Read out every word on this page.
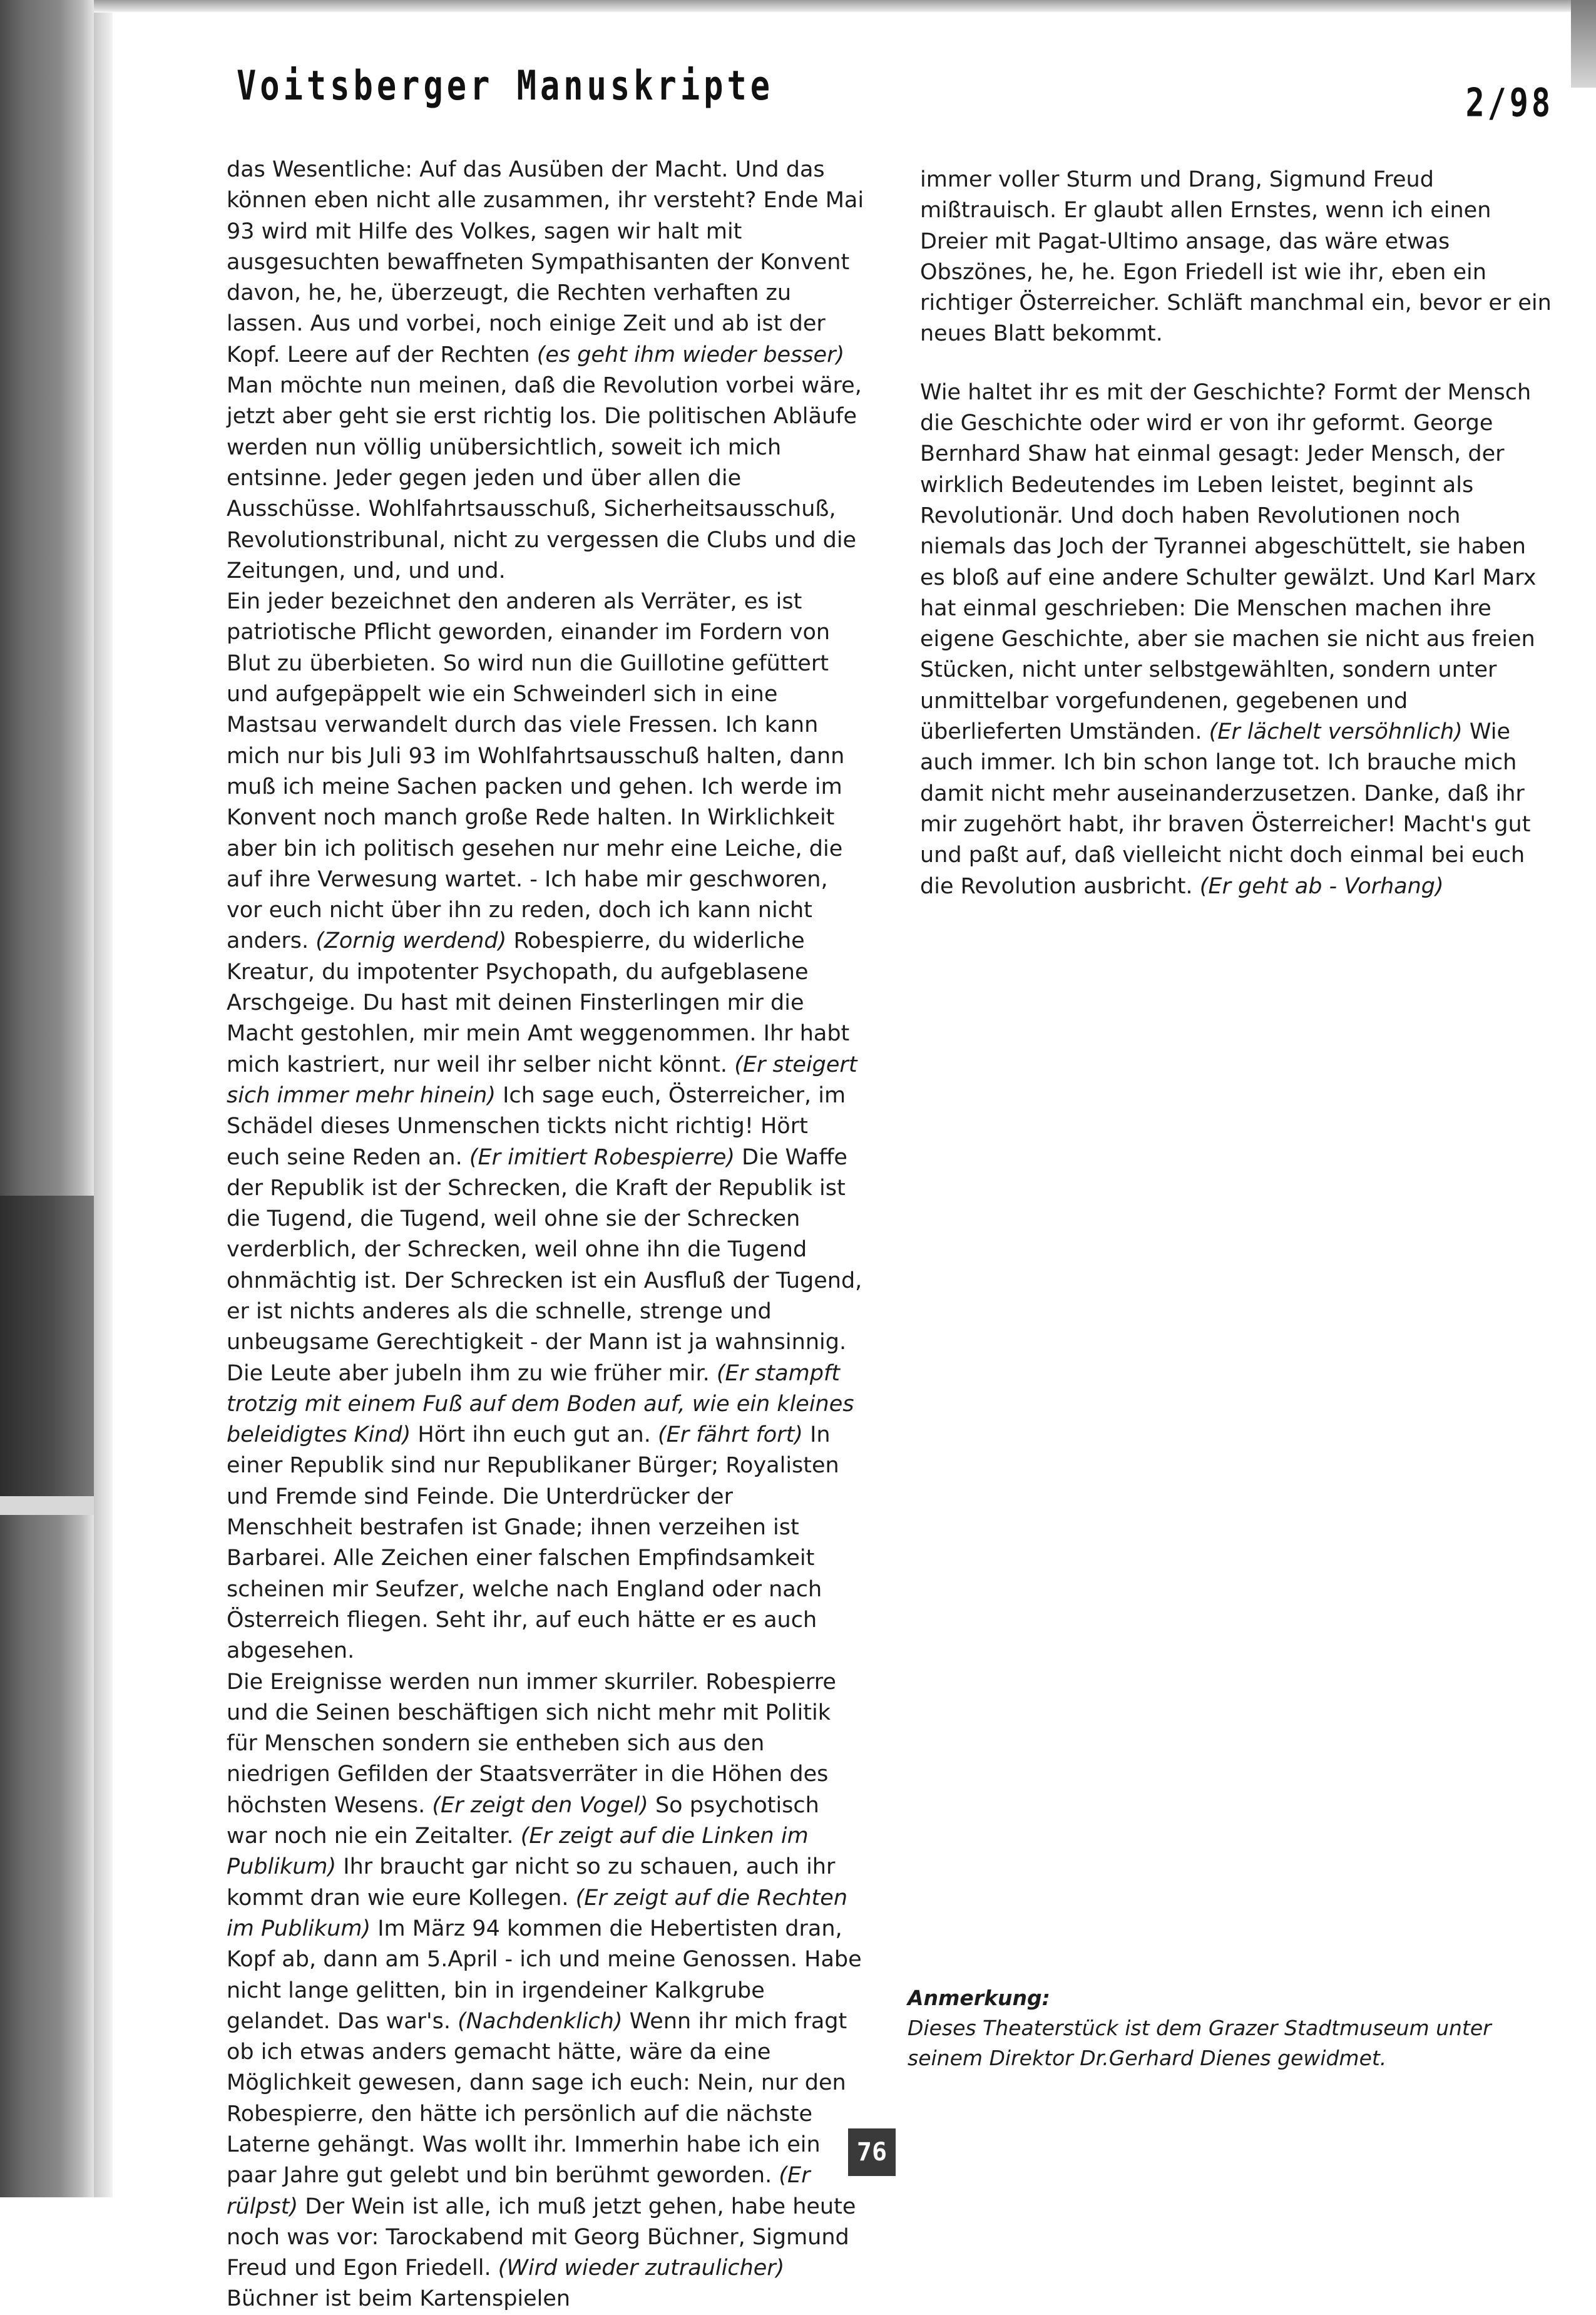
Voitsberger Manuskripte	2/98

das Wesentliche: Auf das Ausüben der Macht. Und das können eben nicht alle zusammen, ihr versteht? Ende Mai 93 wird mit Hilfe des Volkes, sagen wir halt mit ausgesuchten bewaffneten Sympathisanten der Konvent davon, he, he, überzeugt, die Rechten verhaften zu lassen. Aus und vorbei, noch einige Zeit und ab ist der Kopf. Leere auf der Rechten (es geht ihm wieder besser) Man möchte nun meinen, daß die Revolution vorbei wäre, jetzt aber geht sie erst richtig los. Die politischen Abläufe werden nun völlig unübersichtlich, soweit ich mich entsinne. Jeder gegen jeden und über allen die Ausschüsse. Wohlfahrtsausschuß, Sicherheitsausschuß, Revolutionstribunal, nicht zu vergessen die Clubs und die Zeitungen, und, und und.

Ein jeder bezeichnet den anderen als Verräter, es ist patriotische Pflicht geworden, einander im Fordern von Blut zu überbieten. So wird nun die Guillotine gefüttert und aufgepäppelt wie ein Schweinderl sich in eine Mastsau verwandelt durch das viele Fressen. Ich kann mich nur bis Juli 93 im Wohlfahrtsausschuß halten, dann muß ich meine Sachen packen und gehen. Ich werde im Konvent noch manch große Rede halten. In Wirklichkeit aber bin ich politisch gesehen nur mehr eine Leiche, die auf ihre Verwesung wartet. - Ich habe mir geschworen, vor euch nicht über ihn zu reden, doch ich kann nicht anders. (Zornig werdend) Robespierre, du widerliche Kreatur, du impotenter Psychopath, du aufgeblasene Arschgeige. Du hast mit deinen Finsterlingen mir die Macht gestohlen, mir mein Amt weggenommen. Ihr habt mich kastriert, nur weil ihr selber nicht könnt. (Er steigert sich immer mehr hinein) Ich sage euch, Österreicher, im Schädel dieses Unmenschen tickts nicht richtig! Hört euch seine Reden an. (Er imitiert Robespierre) Die Waffe der Republik ist der Schrecken, die Kraft der Republik ist die Tugend, die Tugend, weil ohne sie der Schrecken verderblich, der Schrecken, weil ohne ihn die Tugend ohnmächtig ist. Der Schrecken ist ein Ausfluß der Tugend, er ist nichts anderes als die schnelle, strenge und unbeugsame Gerechtigkeit - der Mann ist ja wahnsinnig. Die Leute aber jubeln ihm zu wie früher mir. (Er stampft trotzig mit einem Fuß auf dem Boden auf, wie ein kleines beleidigtes Kind) Hört ihn euch gut an. (Er fährt fort) In einer Republik sind nur Republikaner Bürger; Royalisten und Fremde sind Feinde. Die Unterdrücker der Menschheit bestrafen ist Gnade; ihnen verzeihen ist Barbarei. Alle Zeichen einer falschen Empfindsamkeit scheinen mir Seufzer, welche nach England oder nach Österreich fliegen. Seht ihr, auf euch hätte er es auch abgesehen.

Die Ereignisse werden nun immer skurriler. Robespierre und die Seinen beschäftigen sich nicht mehr mit Politik für Menschen sondern sie entheben sich aus den niedrigen Gefilden der Staatsverräter in die Höhen des höchsten Wesens. (Er zeigt den Vogel) So psychotisch war noch nie ein Zeitalter. (Er zeigt auf die Linken im Publikum) Ihr braucht gar nicht so zu schauen, auch ihr kommt dran wie eure Kollegen. (Er zeigt auf die Rechten im Publikum) Im März 94 kommen die Hebertisten dran, Kopf ab, dann am 5.April - ich und meine Genossen. Habe nicht lange gelitten, bin in irgendeiner Kalkgrube gelandet. Das war's. (Nachdenklich) Wenn ihr mich fragt ob ich etwas anders gemacht hätte, wäre da eine Möglichkeit gewesen, dann sage ich euch: Nein, nur den Robespierre, den hätte ich persönlich auf die nächste Laterne gehängt. Was wollt ihr. Immerhin habe ich ein paar Jahre gut gelebt und bin berühmt geworden. (Er rülpst) Der Wein ist alle, ich muß jetzt gehen, habe heute noch was vor: Tarockabend mit Georg Büchner, Sigmund Freud und Egon Friedell. (Wird wieder zutraulicher) Büchner ist beim Kartenspielen

immer voller Sturm und Drang, Sigmund Freud mißtrauisch. Er glaubt allen Ernstes, wenn ich einen Dreier mit Pagat-Ultimo ansage, das wäre etwas Obszönes, he, he. Egon Friedell ist wie ihr, eben ein richtiger Österreicher. Schläft manchmal ein, bevor er ein neues Blatt bekommt.

Wie haltet ihr es mit der Geschichte? Formt der Mensch die Geschichte oder wird er von ihr geformt. George Bernhard Shaw hat einmal gesagt: Jeder Mensch, der wirklich Bedeutendes im Leben leistet, beginnt als Revolutionär. Und doch haben Revolutionen noch niemals das Joch der Tyrannei abgeschüttelt, sie haben es bloß auf eine andere Schulter gewälzt. Und Karl Marx hat einmal geschrieben: Die Menschen machen ihre eigene Geschichte, aber sie machen sie nicht aus freien Stücken, nicht unter selbstgewählten, sondern unter unmittelbar vorgefundenen, gegebenen und überlieferten Umständen. (Er lächelt versöhnlich) Wie auch immer. Ich bin schon lange tot. Ich brauche mich damit nicht mehr auseinanderzusetzen. Danke, daß ihr mir zugehört habt, ihr braven Österreicher! Macht's gut und paßt auf, daß vielleicht nicht doch einmal bei euch die Revolution ausbricht. (Er geht ab - Vorhang)

Anmerkung:
Dieses Theaterstück ist dem Grazer Stadtmuseum unter seinem Direktor Dr.Gerhard Dienes gewidmet.
76
